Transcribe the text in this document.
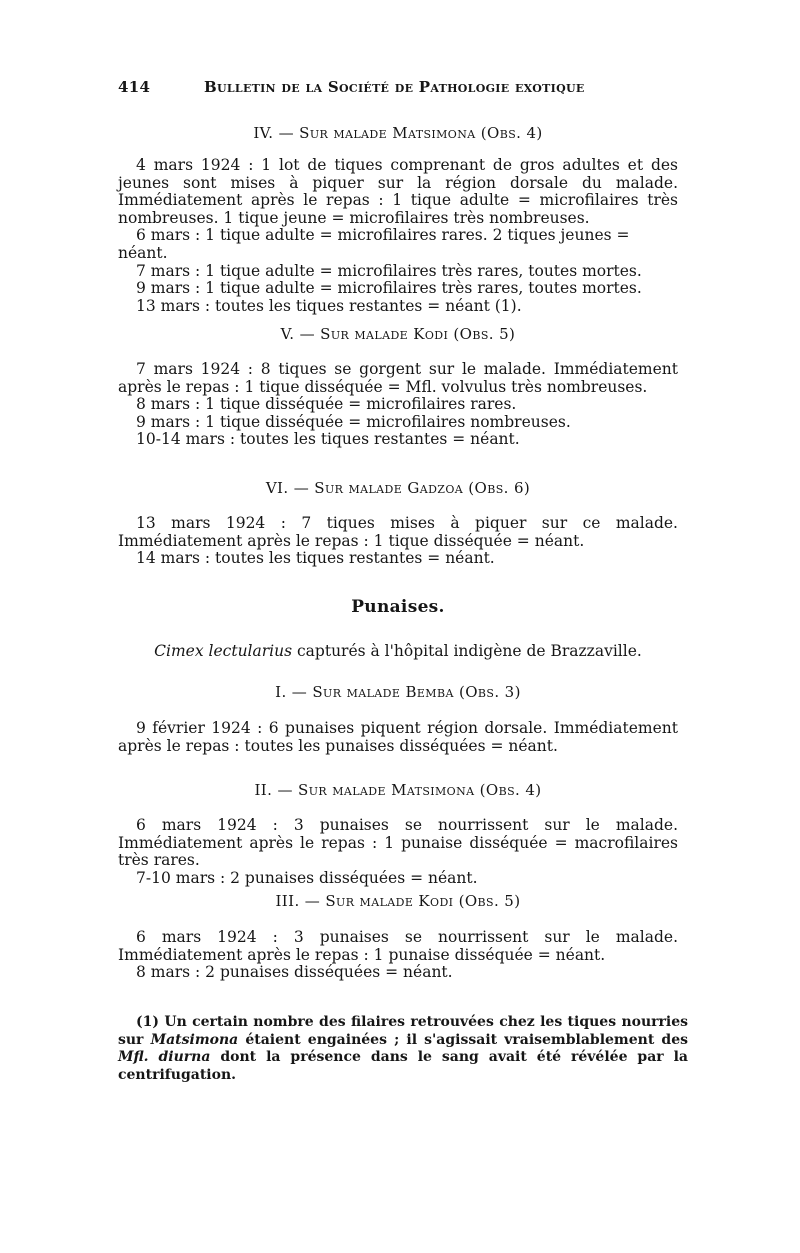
414	Bulletin de la Société de Pathologie exotique
IV. — Sur malade Matsimona (Obs. 4)

4 mars 1924 : 1 lot de tiques comprenant de gros adultes et des jeunes sont mises à piquer sur la région dorsale du malade. Immédiatement après le repas : 1 tique adulte = microfilaires très nombreuses. 1 tique jeune = microfilaires très nombreuses.

6 mars : 1 tique adulte = microfilaires rares. 2 tiques jeunes = néant.

7 mars : 1 tique adulte = microfilaires très rares, toutes mortes.

9 mars : 1 tique adulte = microfilaires très rares, toutes mortes.

13 mars : toutes les tiques restantes = néant (1).

V. — Sur malade Kodi (Obs. 5)

7 mars 1924 : 8 tiques se gorgent sur le malade. Immédiatement après le repas : 1 tique disséquée = Mfl. volvulus très nombreuses.

8 mars : 1 tique disséquée = microfilaires rares.

9 mars : 1 tique disséquée = microfilaires nombreuses.

10-14 mars : toutes les tiques restantes = néant.

VI. — Sur malade Gadzoa (Obs. 6)

13 mars 1924 : 7 tiques mises à piquer sur ce malade. Immédiatement après le repas : 1 tique disséquée = néant.

14 mars : toutes les tiques restantes = néant.

Punaises.
Cimex lectularius capturés à l'hôpital indigène de Brazzaville.
I. — Sur malade Bemba (Obs. 3)

9 février 1924 : 6 punaises piquent région dorsale. Immédiatement après le repas : toutes les punaises disséquées = néant.

II. — Sur malade Matsimona (Obs. 4)

6 mars 1924 : 3 punaises se nourrissent sur le malade. Immédiatement après le repas : 1 punaise disséquée = macrofilaires très rares.

7-10 mars : 2 punaises disséquées = néant.

III. — Sur malade Kodi (Obs. 5)

6 mars 1924 : 3 punaises se nourrissent sur le malade. Immédiatement après le repas : 1 punaise disséquée = néant.

8 mars : 2 punaises disséquées = néant.

(1) Un certain nombre des filaires retrouvées chez les tiques nourries sur Matsimona étaient engainées ; il s'agissait vraisemblablement des Mfl. diurna dont la présence dans le sang avait été révélée par la centrifugation.
